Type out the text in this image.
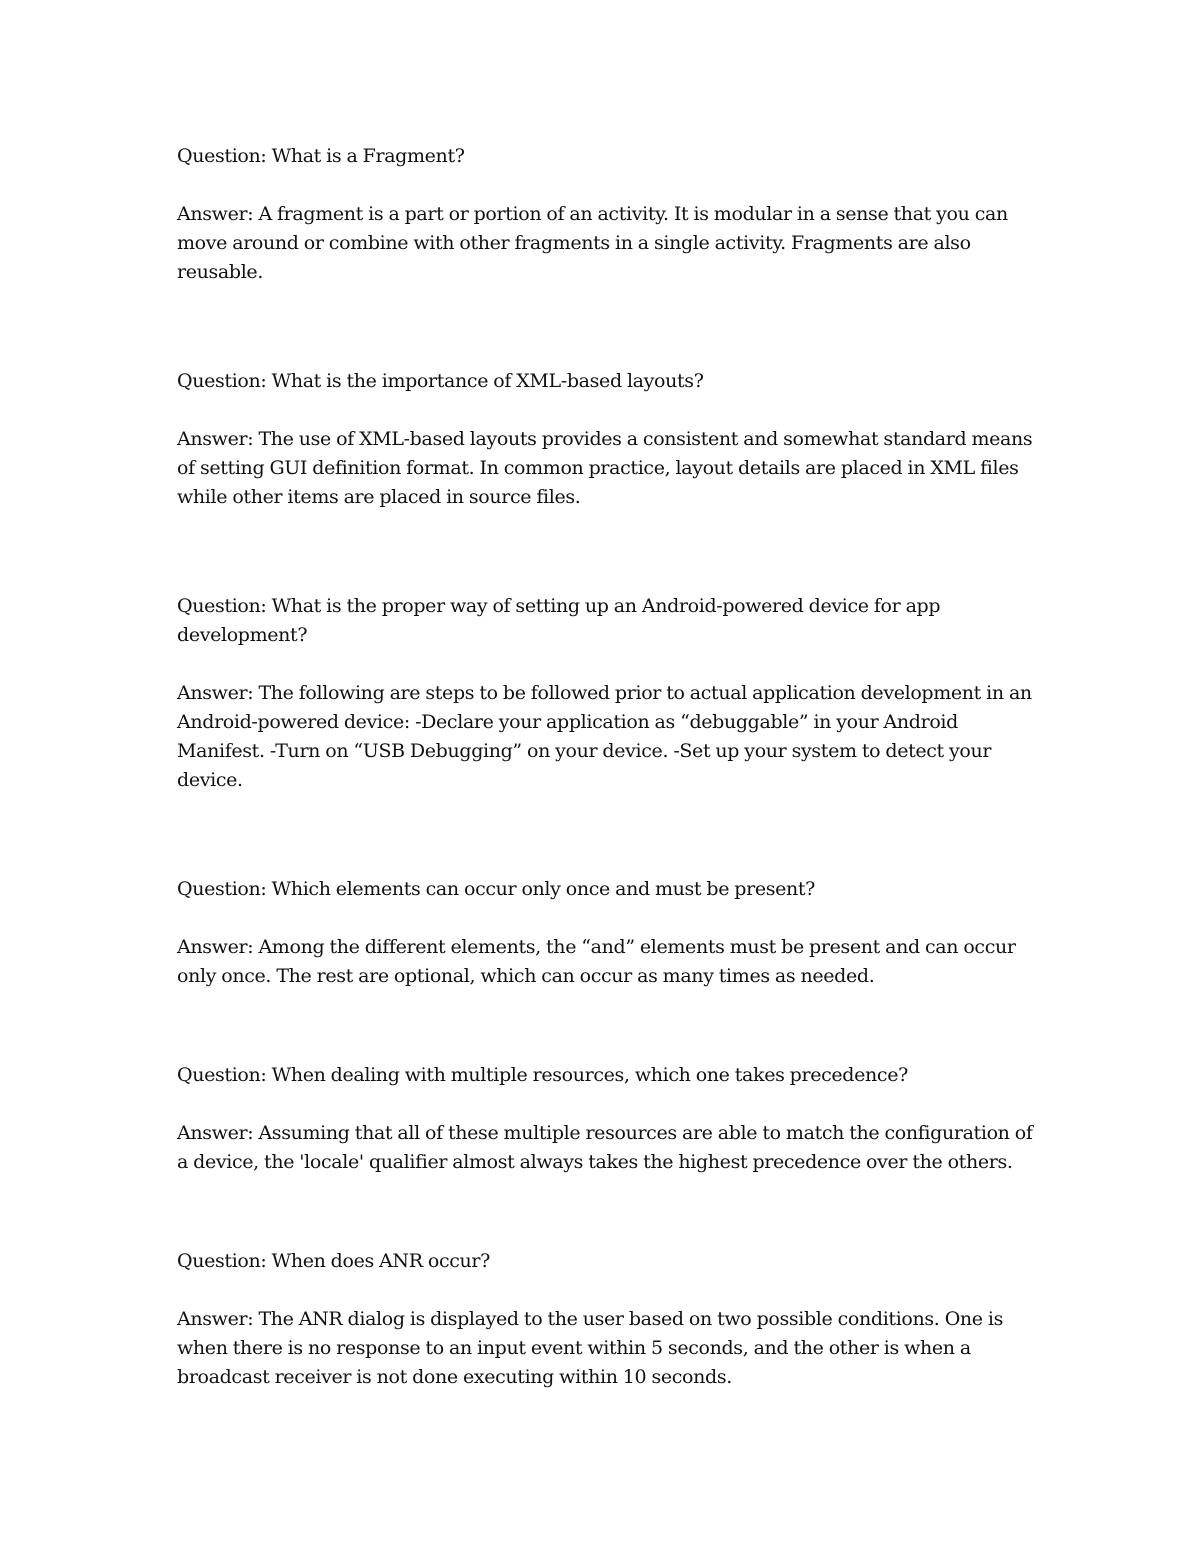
Question: What is a Fragment?

Answer: A fragment is a part or portion of an activity. It is modular in a sense that you can move around or combine with other fragments in a single activity. Fragments are also reusable.

Question: What is the importance of XML-based layouts?

Answer: The use of XML-based layouts provides a consistent and somewhat standard means of setting GUI definition format. In common practice, layout details are placed in XML files while other items are placed in source files.

Question: What is the proper way of setting up an Android-powered device for app development?

Answer: The following are steps to be followed prior to actual application development in an Android-powered device: -Declare your application as “debuggable” in your Android Manifest. -Turn on “USB Debugging” on your device. -Set up your system to detect your device.

Question: Which elements can occur only once and must be present?

Answer: Among the different elements, the “and” elements must be present and can occur only once. The rest are optional, which can occur as many times as needed.

Question: When dealing with multiple resources, which one takes precedence?

Answer: Assuming that all of these multiple resources are able to match the configuration of a device, the 'locale' qualifier almost always takes the highest precedence over the others.

Question: When does ANR occur?

Answer: The ANR dialog is displayed to the user based on two possible conditions. One is when there is no response to an input event within 5 seconds, and the other is when a broadcast receiver is not done executing within 10 seconds.
